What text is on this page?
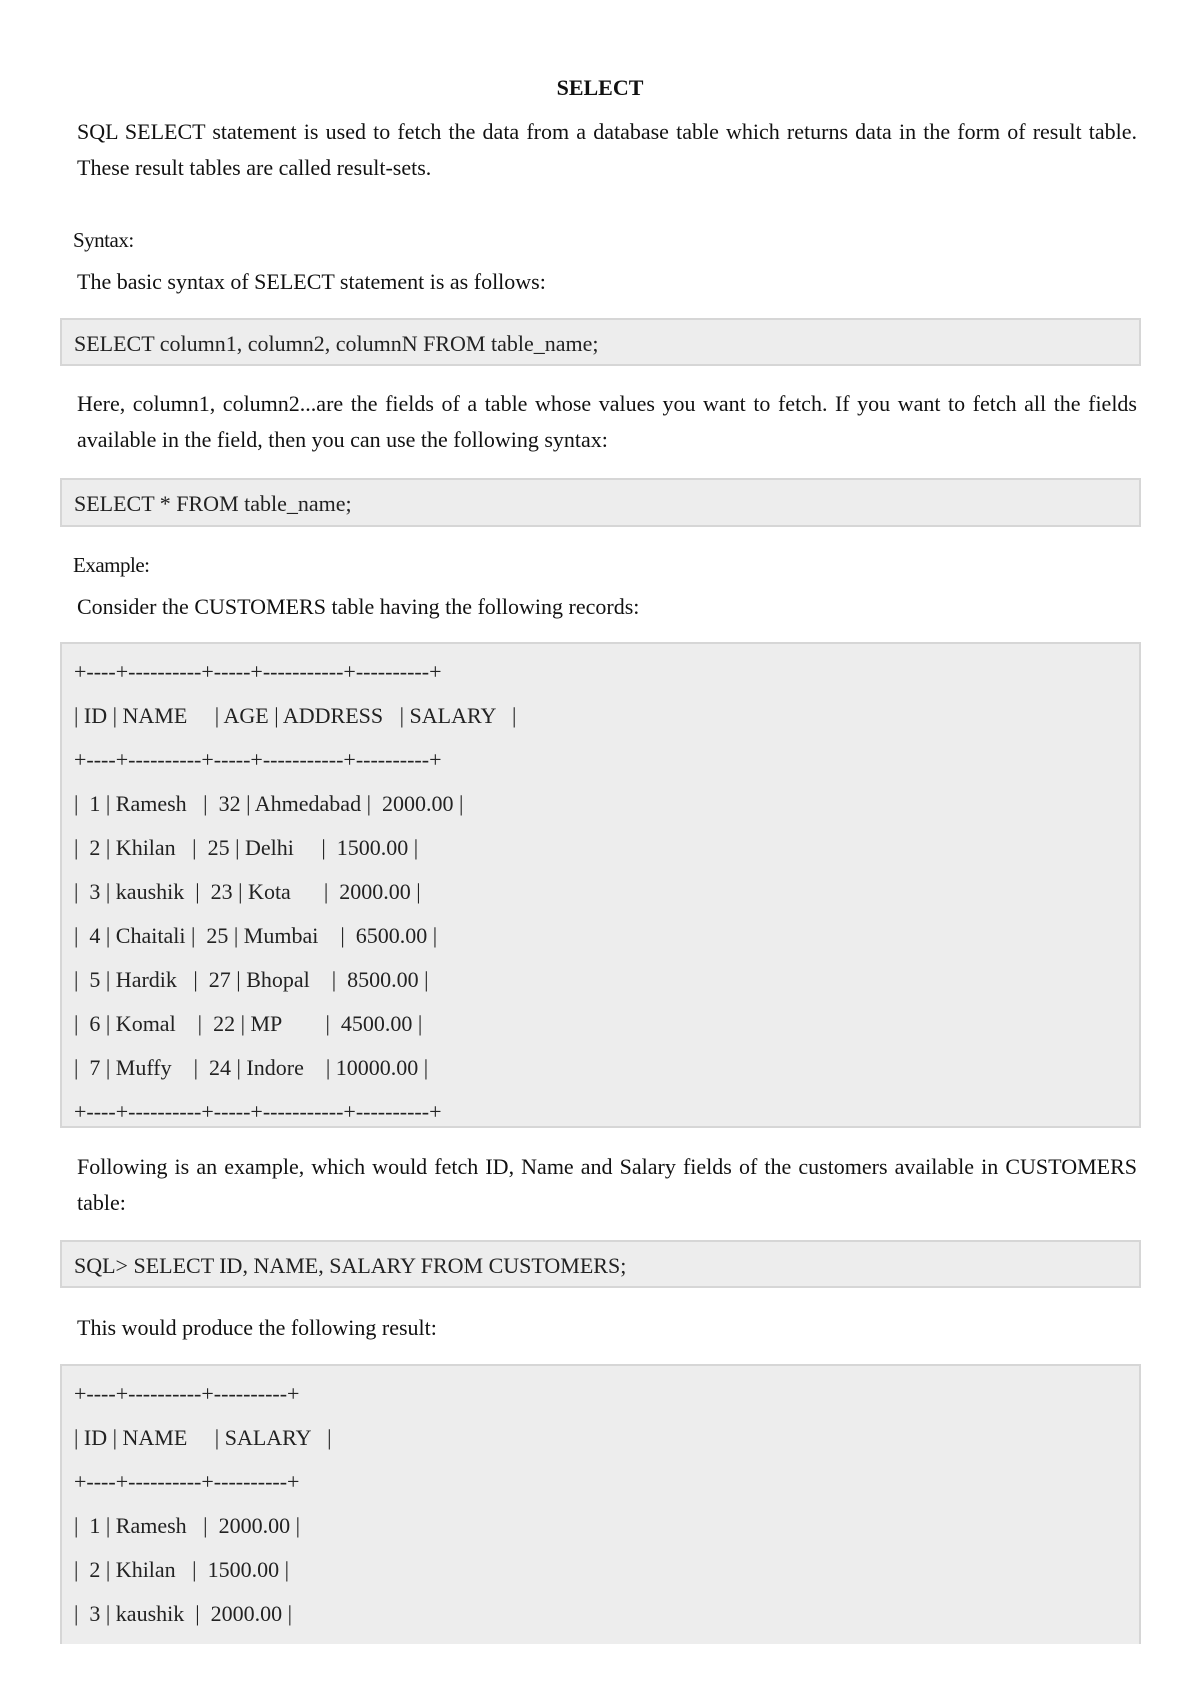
SELECT
SQL SELECT statement is used to fetch the data from a database table which returns data in the form of result table. These result tables are called result-sets.
Syntax:
The basic syntax of SELECT statement is as follows:
SELECT column1, column2, columnN FROM table_name;
Here, column1, column2...are the fields of a table whose values you want to fetch. If you want to fetch all the fields available in the field, then you can use the following syntax:
SELECT * FROM table_name;
Example:
Consider the CUSTOMERS table having the following records:
+----+----------+-----+-----------+----------+
| ID | NAME     | AGE | ADDRESS   | SALARY   |
+----+----------+-----+-----------+----------+
|  1 | Ramesh   |  32 | Ahmedabad |  2000.00 |
|  2 | Khilan   |  25 | Delhi     |  1500.00 |
|  3 | kaushik  |  23 | Kota      |  2000.00 |
|  4 | Chaitali |  25 | Mumbai    |  6500.00 |
|  5 | Hardik   |  27 | Bhopal    |  8500.00 |
|  6 | Komal    |  22 | MP        |  4500.00 |
|  7 | Muffy    |  24 | Indore    | 10000.00 |
+----+----------+-----+-----------+----------+
Following is an example, which would fetch ID, Name and Salary fields of the customers available in CUSTOMERS table:
SQL> SELECT ID, NAME, SALARY FROM CUSTOMERS;
This would produce the following result:
+----+----------+----------+
| ID | NAME     | SALARY   |
+----+----------+----------+
|  1 | Ramesh   |  2000.00 |
|  2 | Khilan   |  1500.00 |
|  3 | kaushik  |  2000.00 |
